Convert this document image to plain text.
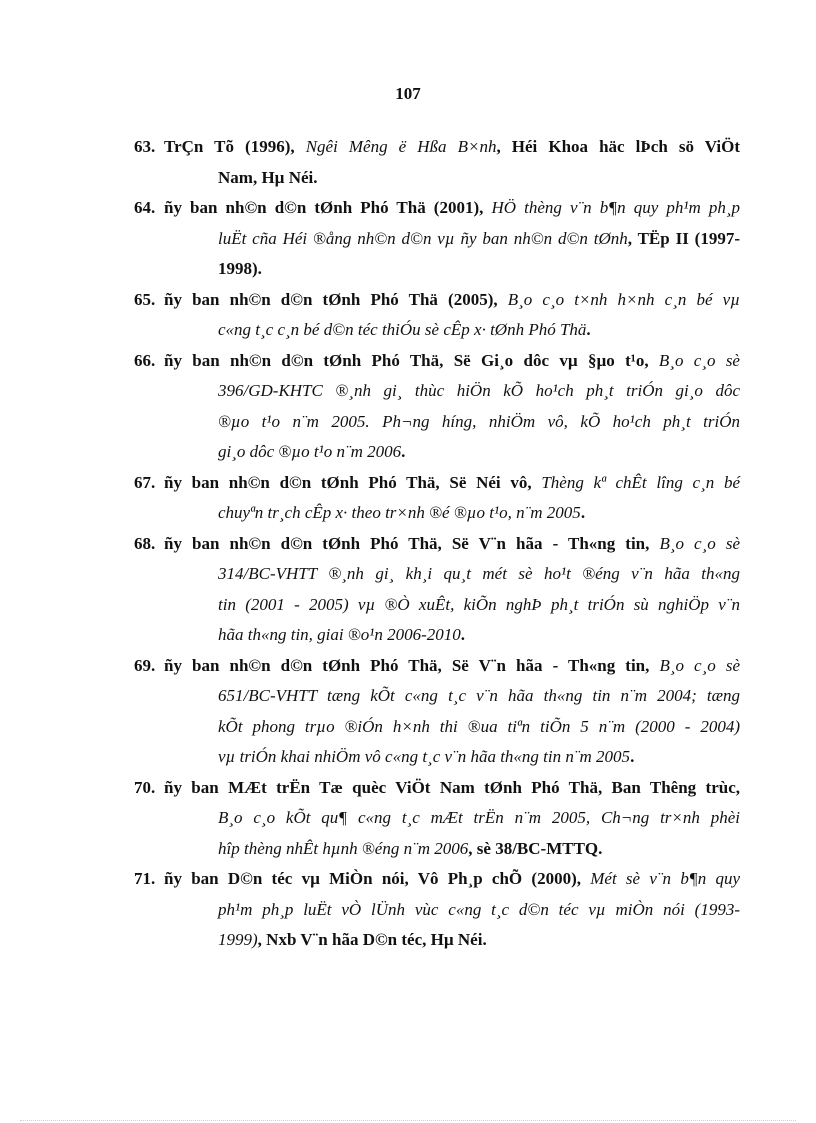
107
63. TrÇn Tõ (1996), Ngêi Mêng ë Hßa B×nh, Héi Khoa häc lÞch sö ViÖt
Nam, Hµ Néi.
64. ñy ban nh©n d©n tØnh Phó Thä (2001), HÖ thèng v¨n b¶n quy ph¹m ph¸p
luËt cña Héi ®ång nh©n d©n vµ ñy ban nh©n d©n tØnh, TËp II (1997-
1998).
65. ñy ban nh©n d©n tØnh Phó Thä (2005), B¸o c¸o t×nh h×nh c¸n bé vµ
c«ng t¸c c¸n bé d©n téc thiÓu sè cÊp x· tØnh Phó Thä.
66. ñy ban nh©n d©n tØnh Phó Thä, Së Gi¸o dôc vµ §µo t¹o, B¸o c¸o sè
396/GD-KHTC ®¸nh gi¸ thùc hiÖn kÕ ho¹ch ph¸t triÓn gi¸o dôc
®µo t¹o n¨m 2005. Ph¬ng híng, nhiÖm vô, kÕ ho¹ch ph¸t triÓn
gi¸o dôc ®µo t¹o n¨m 2006.
67. ñy ban nh©n d©n tØnh Phó Thä, Së Néi vô, Thèng kª chÊt lîng c¸n bé
chuyªn tr¸ch cÊp x· theo tr×nh ®é ®µo t¹o, n¨m 2005.
68. ñy ban nh©n d©n tØnh Phó Thä, Së V¨n hãa - Th«ng tin, B¸o c¸o sè
314/BC-VHTT ®¸nh gi¸ kh¸i qu¸t mét sè ho¹t ®éng v¨n hãa th«ng
tin (2001 - 2005) vµ ®Ò xuÊt, kiÕn nghÞ ph¸t triÓn sù nghiÖp v¨n
hãa th«ng tin, giai ®o¹n 2006-2010.
69. ñy ban nh©n d©n tØnh Phó Thä, Së V¨n hãa - Th«ng tin, B¸o c¸o sè
651/BC-VHTT tæng kÕt c«ng t¸c v¨n hãa th«ng tin n¨m 2004; tæng
kÕt phong trµo ®iÓn h×nh thi ®ua tiªn tiÕn 5 n¨m (2000 - 2004)
vµ triÓn khai nhiÖm vô c«ng t¸c v¨n hãa th«ng tin n¨m 2005.
70. ñy ban MÆt trËn Tæ quèc ViÖt Nam tØnh Phó Thä, Ban Thêng trùc,
B¸o c¸o kÕt qu¶ c«ng t¸c mÆt trËn n¨m 2005, Ch¬ng tr×nh phèi
hîp thèng nhÊt hµnh ®éng n¨m 2006, sè 38/BC-MTTQ.
71. ñy ban D©n téc vµ MiÒn nói, Vô Ph¸p chÕ (2000), Mét sè v¨n b¶n quy
ph¹m ph¸p luËt vÒ lÜnh vùc c«ng t¸c d©n téc vµ miÒn nói (1993-
1999), Nxb V¨n hãa D©n téc, Hµ Néi.
